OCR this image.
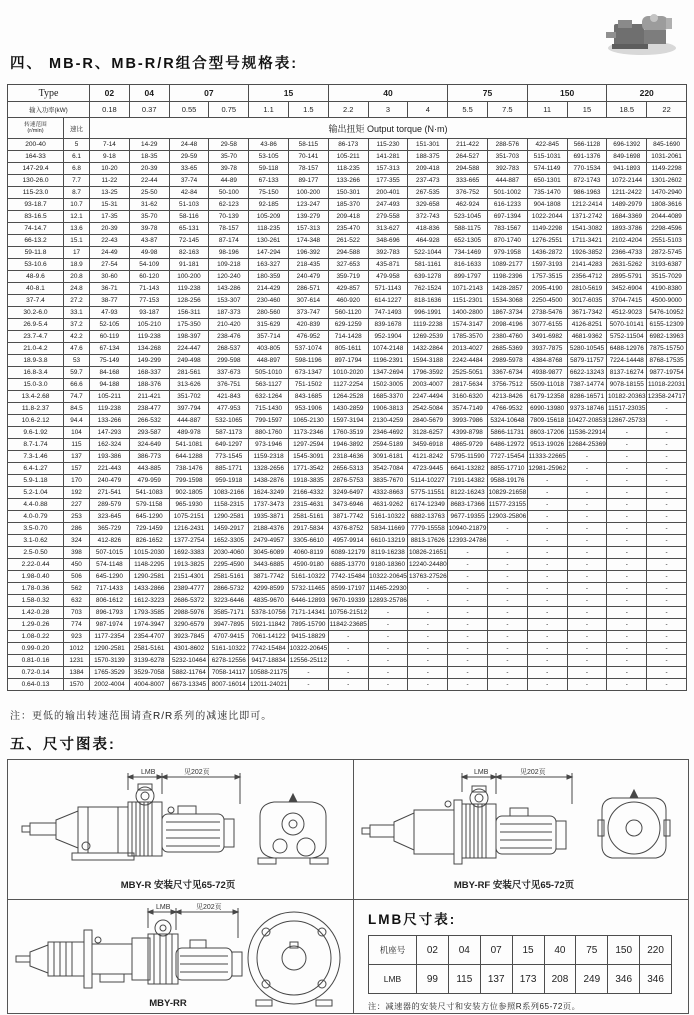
四、 MB-R、MB-R/R组合型号规格表:
Type		02	04	07		15		40			75		150		220	
输入功率(kW)		0.18	0.37	0.55	0.75	1.1	1.5	2.2	3	4	5.5	7.5	11	15	18.5	22

转速范围
(r/min)	速比	输出扭矩 Output torque (N·m)														
200-40	5	7-14	14-29	24-48	29-58	43-86	58-115	86-173	115-230	151-301	211-422	288-576	422-845	566-1128	696-1392	845-1690
164-33	6.1	9-18	18-35	29-59	35-70	53-105	70-141	105-211	141-281	188-375	264-527	351-703	515-1031	691-1376	849-1698	1031-2061
147-29.4	6.8	10-20	20-39	33-65	39-78	59-118	78-157	118-235	157-313	209-418	294-588	392-783	574-1149	770-1534	941-1893	1149-2298
130-26.0	7.7	11-22	22-44	37-74	44-89	67-133	89-177	133-266	177-355	237-473	333-665	444-887	650-1301	872-1743	1072-2144	1301-2602
115-23.0	8.7	13-25	25-50	42-84	50-100	75-150	100-200	150-301	200-401	267-535	376-752	501-1002	735-1470	986-1963	1211-2422	1470-2940
93-18.7	10.7	15-31	31-62	51-103	62-123	92-185	123-247	185-370	247-493	329-658	462-924	616-1233	904-1808	1212-2414	1489-2979	1808-3616
83-16.5	12.1	17-35	35-70	58-116	70-139	105-209	139-279	209-418	279-558	372-743	523-1045	697-1394	1022-2044	1371-2742	1684-3369	2044-4089
74-14.7	13.6	20-39	39-78	65-131	78-157	118-235	157-313	235-470	313-627	418-836	588-1175	783-1567	1149-2298	1541-3082	1893-3786	2298-4596
66-13.2	15.1	22-43	43-87	72-145	87-174	130-261	174-348	261-522	348-696	464-928	652-1305	870-1740	1276-2551	1711-3421	2102-4204	2551-5103
59-11.8	17	24-49	49-98	82-163	98-196	147-294	196-392	294-588	392-783	522-1044	734-1469	979-1958	1436-2872	1926-3852	2366-4733	2872-5745
53-10.6	18.9	27-54	54-109	91-181	109-218	163-327	218-435	327-653	435-871	581-1161	816-1633	1089-2177	1597-3193	2141-4283	2631-5262	3193-6387
48-9.6	20.8	30-60	60-120	100-200	120-240	180-359	240-479	359-719	479-958	639-1278	899-1797	1198-2396	1757-3515	2356-4712	2895-5791	3515-7029
40-8.1	24.8	36-71	71-143	119-238	143-286	214-429	286-571	429-857	571-1143	762-1524	1071-2143	1428-2857	2095-4190	2810-5619	3452-6904	4190-8380
37-7.4	27.2	38-77	77-153	128-256	153-307	230-460	307-614	460-920	614-1227	818-1636	1151-2301	1534-3068	2250-4500	3017-6035	3704-7415	4500-9000
30.2-6.0	33.1	47-93	93-187	156-311	187-373	280-560	373-747	560-1120	747-1493	996-1991	1400-2800	1867-3734	2738-5476	3671-7342	4512-9023	5476-10952
26.9-5.4	37.2	52-105	105-210	175-350	210-420	315-629	420-839	629-1259	839-1678	1119-2238	1574-3147	2098-4196	3077-6155	4126-8251	5070-10141	6155-12309
23.7-4.7	42.2	60-119	119-238	198-397	238-476	357-714	476-952	714-1428	952-1904	1269-2539	1785-3570	2380-4760	3491-6982	4681-9362	5752-11504	6982-13963
21.0-4.2	47.6	67-134	134-268	224-447	268-537	403-805	537-1074	805-1611	1074-2148	1432-2864	2013-4027	2685-5369	3937-7875	5280-10545	6488-12976	7875-15750
18.9-3.8	53	75-149	149-299	249-498	299-598	448-897	598-1196	897-1794	1196-2391	1594-3188	2242-4484	2989-5978	4384-8768	5879-11757	7224-14448	8768-17535
16.8-3.4	59.7	84-168	168-337	281-561	337-673	505-1010	673-1347	1010-2020	1347-2694	1796-3592	2525-5051	3367-6734	4938-9877	6622-13243	8137-16274	9877-19754
15.0-3.0	66.6	94-188	188-376	313-626	376-751	563-1127	751-1502	1127-2254	1502-3005	2003-4007	2817-5634	3756-7512	5509-11018	7387-14774	9078-18155	11018-22031
13.4-2.68	74.7	105-211	211-421	351-702	421-843	632-1264	843-1685	1264-2528	1685-3370	2247-4494	3160-6320	4213-8426	6179-12358	8286-16571	10182-20363	12358-24717
11.8-2.37	84.5	119-238	238-477	397-794	477-953	715-1430	953-1906	1430-2859	1906-3813	2542-5084	3574-7149	4766-9532	6990-13980	9373-18746	11517-23035	-
10.6-2.12	94.4	133-266	266-532	444-887	532-1065	799-1597	1065-2130	1597-3194	2130-4259	2840-5679	3993-7986	5324-10648	7809-15618	10427-20853	12867-25733	-
9.6-1.92	104	147-293	293-587	489-978	587-1173	880-1760	1173-2346	1760-3519	2346-4692	3128-6257	4399-8798	5866-11731	8603-17206	11536-22914	-	-
8.7-1.74	115	162-324	324-649	541-1081	649-1297	973-1946	1297-2594	1946-3892	2594-5189	3459-6918	4865-9729	6486-12972	9513-19026	12684-25369	-	-
7.3-1.46	137	193-386	386-773	644-1288	773-1545	1159-2318	1545-3091	2318-4636	3091-6181	4121-8242	5795-11590	7727-15454	11333-22665	-	-	-
6.4-1.27	157	221-443	443-885	738-1476	885-1771	1328-2656	1771-3542	2656-5313	3542-7084	4723-9445	6641-13282	8855-17710	12981-25962	-	-	-
5.9-1.18	170	240-479	479-959	799-1598	959-1918	1438-2876	1918-3835	2876-5753	3835-7670	5114-10227	7191-14382	9588-19176	-	-	-	-
5.2-1.04	192	271-541	541-1083	902-1805	1083-2166	1624-3249	2166-4332	3249-6497	4332-8663	5775-11551	8122-16243	10829-21658	-	-	-	-
4.4-0.88	227	289-579	579-1158	965-1930	1158-2315	1737-3473	2315-4631	3473-6946	4631-9262	6174-12349	8683-17366	11577-23155	-	-	-	-
4.0-0.79	253	323-645	645-1290	1075-2151	1290-2581	1935-3871	2581-5161	3871-7742	5161-10322	6882-13763	9677-19355	12903-25806	-	-	-	-
3.5-0.70	286	365-729	729-1459	1216-2431	1459-2917	2188-4376	2917-5834	4376-8752	5834-11669	7779-15558	10940-21879	-	-	-	-	-
3.1-0.62	324	412-826	826-1652	1377-2754	1652-3305	2479-4957	3305-6610	4957-9914	6610-13219	8813-17626	12393-24786	-	-	-	-	-
2.5-0.50	398	507-1015	1015-2030	1692-3383	2030-4060	3045-6089	4060-8119	6089-12179	8119-16238	10826-21651	-	-	-	-	-	-
2.22-0.44	450	574-1148	1148-2295	1913-3825	2295-4590	3443-6885	4590-9180	6885-13770	9180-18360	12240-24480	-	-	-	-	-	-
1.98-0.40	506	645-1290	1290-2581	2151-4301	2581-5161	3871-7742	5161-10322	7742-15484	10322-20645	13763-27526	-	-	-	-	-	-
1.78-0.36	562	717-1433	1433-2866	2389-4777	2866-5732	4299-8599	5732-11465	8599-17197	11465-22930	-	-	-	-	-	-	-
1.58-0.32	632	806-1612	1612-3223	2686-5372	3223-6446	4835-9670	6446-12893	9670-19339	12893-25786	-	-	-	-	-	-	-
1.42-0.28	703	896-1793	1793-3585	2988-5976	3585-7171	5378-10756	7171-14341	10756-21512	-	-	-	-	-	-	-	-
1.29-0.26	774	987-1974	1974-3947	3290-6579	3947-7895	5921-11842	7895-15790	11842-23685	-	-	-	-	-	-	-	-
1.08-0.22	923	1177-2354	2354-4707	3923-7845	4707-9415	7061-14122	9415-18829	-	-	-	-	-	-	-	-	-
0.99-0.20	1012	1290-2581	2581-5161	4301-8602	5161-10322	7742-15484	10322-20645	-	-	-	-	-	-	-	-	-
0.81-0.16	1231	1570-3139	3139-6278	5232-10464	6278-12556	9417-18834	12556-25112	-	-	-	-	-	-	-	-	-
0.72-0.14	1384	1765-3529	3529-7058	5882-11764	7058-14117	10588-21175	-	-	-	-	-	-	-	-	-	-
0.64-0.13	1570	2002-4004	4004-8007	6673-13345	8007-16014	12011-24021	-	-	-	-	-	-	-	-	-	-
注：更低的输出转速范围请查R/R系列的减速比即可。
五、尺寸图表:
LMB	见202页
MBY-R 安装尺寸见65-72页
LMB	见202页
MBY-RF 安装尺寸见65-72页
LMB	见202页
MBY-RR
LMB尺寸表:
机座号	02	04	07	15	40	75	150	220
LMB	99	115	137	173	208	249	346	346
注：减速器的安装尺寸和安装方位参照R系列65-72页。
